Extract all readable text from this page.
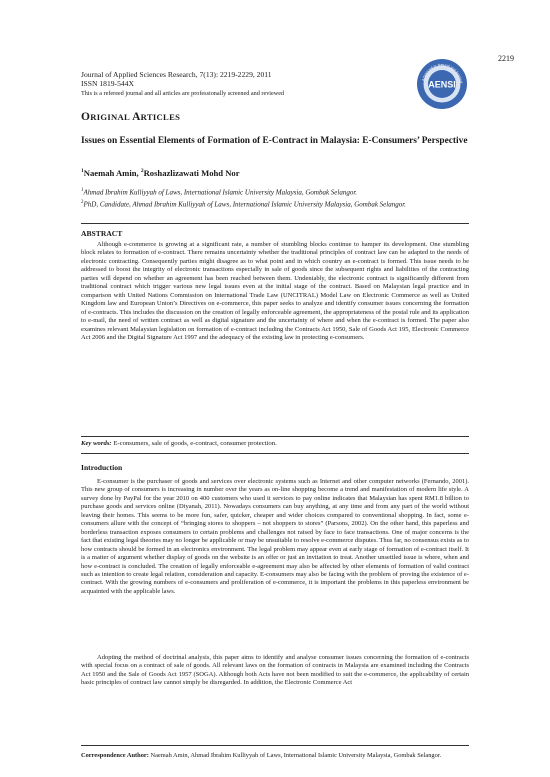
2219
Journal of Applied Sciences Research, 7(13): 2219-2229, 2011
ISSN 1819-544X
This is a refereed journal and all articles are professionally screened and reviewed
Advanced in Natural and Applied
AENSI
ORIGINAL ARTICLES
Issues on Essential Elements of Formation of E-Contract in Malaysia: E-Consumers’ Perspective
$^1$Naemah Amin, $^2$Roshazlizawati Mohd Nor
$^1$Ahmad Ibrahim Kulliyyah of Laws, International Islamic University Malaysia, Gombak Selangor.
$^2$PhD, Candidate, Ahmad Ibrahim Kulliyyah of Laws, International Islamic University Malaysia, Gombak Selangor.
ABSTRACT

Although e-commerce is growing at a significant rate, a number of stumbling blocks continue to hamper its development. One stumbling block relates to formation of e-contract. There remains uncertainty whether the traditional principles of contract law can be adapted to the needs of electronic contracting. Consequently parties might disagree as to what point and in which country an e-contract is formed. This issue needs to be addressed to boost the integrity of electronic transactions especially in sale of goods since the subsequent rights and liabilities of the contracting parties will depend on whether an agreement has been reached between them. Undeniably, the electronic contract is significantly different from traditional contract which trigger various new legal issues even at the initial stage of the contract. Based on Malaysian legal practice and in comparison with United Nations Commission on International Trade Law (UNCITRAL) Model Law on Electronic Commerce as well as United Kingdom law and European Union’s Directives on e-commerce, this paper seeks to analyze and identify consumer issues concerning the formation of e-contracts. This includes the discussion on the creation of legally enforceable agreement, the appropriateness of the postal rule and its application to e-mail, the need of written contract as well as digital signature and the uncertainty of where and when the e-contract is formed. The paper also examines relevant Malaysian legislation on formation of e-contract including the Contracts Act 1950, Sale of Goods Act 195, Electronic Commerce Act 2006 and the Digital Signature Act 1997 and the adequacy of the existing law in protecting e-consumers.

Key words: E-consumers, sale of goods, e-contract, consumer protection.
Introduction

E-consumer is the purchaser of goods and services over electronic systems such as Internet and other computer networks (Fernando, 2001). This new group of consumers is increasing in number over the years as on-line shopping become a trend and manifestation of modern life style. A survey done by PayPal for the year 2010 on 400 customers who used it services to pay online indicates that Malaysian has spent RM1.8 billion to purchase goods and services online (Diyanah, 2011). Nowadays consumers can buy anything, at any time and from any part of the world without leaving their homes. This seems to be more fun, safer, quicker, cheaper and wider choices compared to conventional shopping. In fact, some e-consumers allure with the concept of “bringing stores to shoppers – not shoppers to stores” (Parsons, 2002). On the other hand, this paperless and borderless transaction exposes consumers to certain problems and challenges not raised by face to face transactions. One of major concerns is the fact that existing legal theories may no longer be applicable or may be unsuitable to resolve e-commerce disputes. Thus far, no consensus exists as to how contracts should be formed in an electronics environment. The legal problem may appear even at early stage of formation of e-contract itself. It is a matter of argument whether display of goods on the website is an offer or just an invitation to treat. Another unsettled issue is where, when and how e-contract is concluded. The creation of legally enforceable e-agreement may also be affected by other elements of formation of valid contract such as intention to create legal relation, consideration and capacity. E-consumers may also be facing with the problem of proving the existence of e-contract. With the growing numbers of e-consumers and proliferation of e-commerce, it is important the problems in this paperless environment be acquainted with the applicable laws.

Adopting the method of doctrinal analysis, this paper aims to identify and analyse consumer issues concerning the formation of e-contracts with special focus on a contract of sale of goods. All relevant laws on the formation of contracts in Malaysia are examined including the Contracts Act 1950 and the Sale of Goods Act 1957 (SOGA). Although both Acts have not been modified to suit the e-commerce, the applicability of certain basic principles of contract law cannot simply be disregarded. In addition, the Electronic Commerce Act

Correspondence Author: Naemah Amin, Ahmad Ibrahim Kulliyyah of Laws, International Islamic University Malaysia, Gombak Selangor.
